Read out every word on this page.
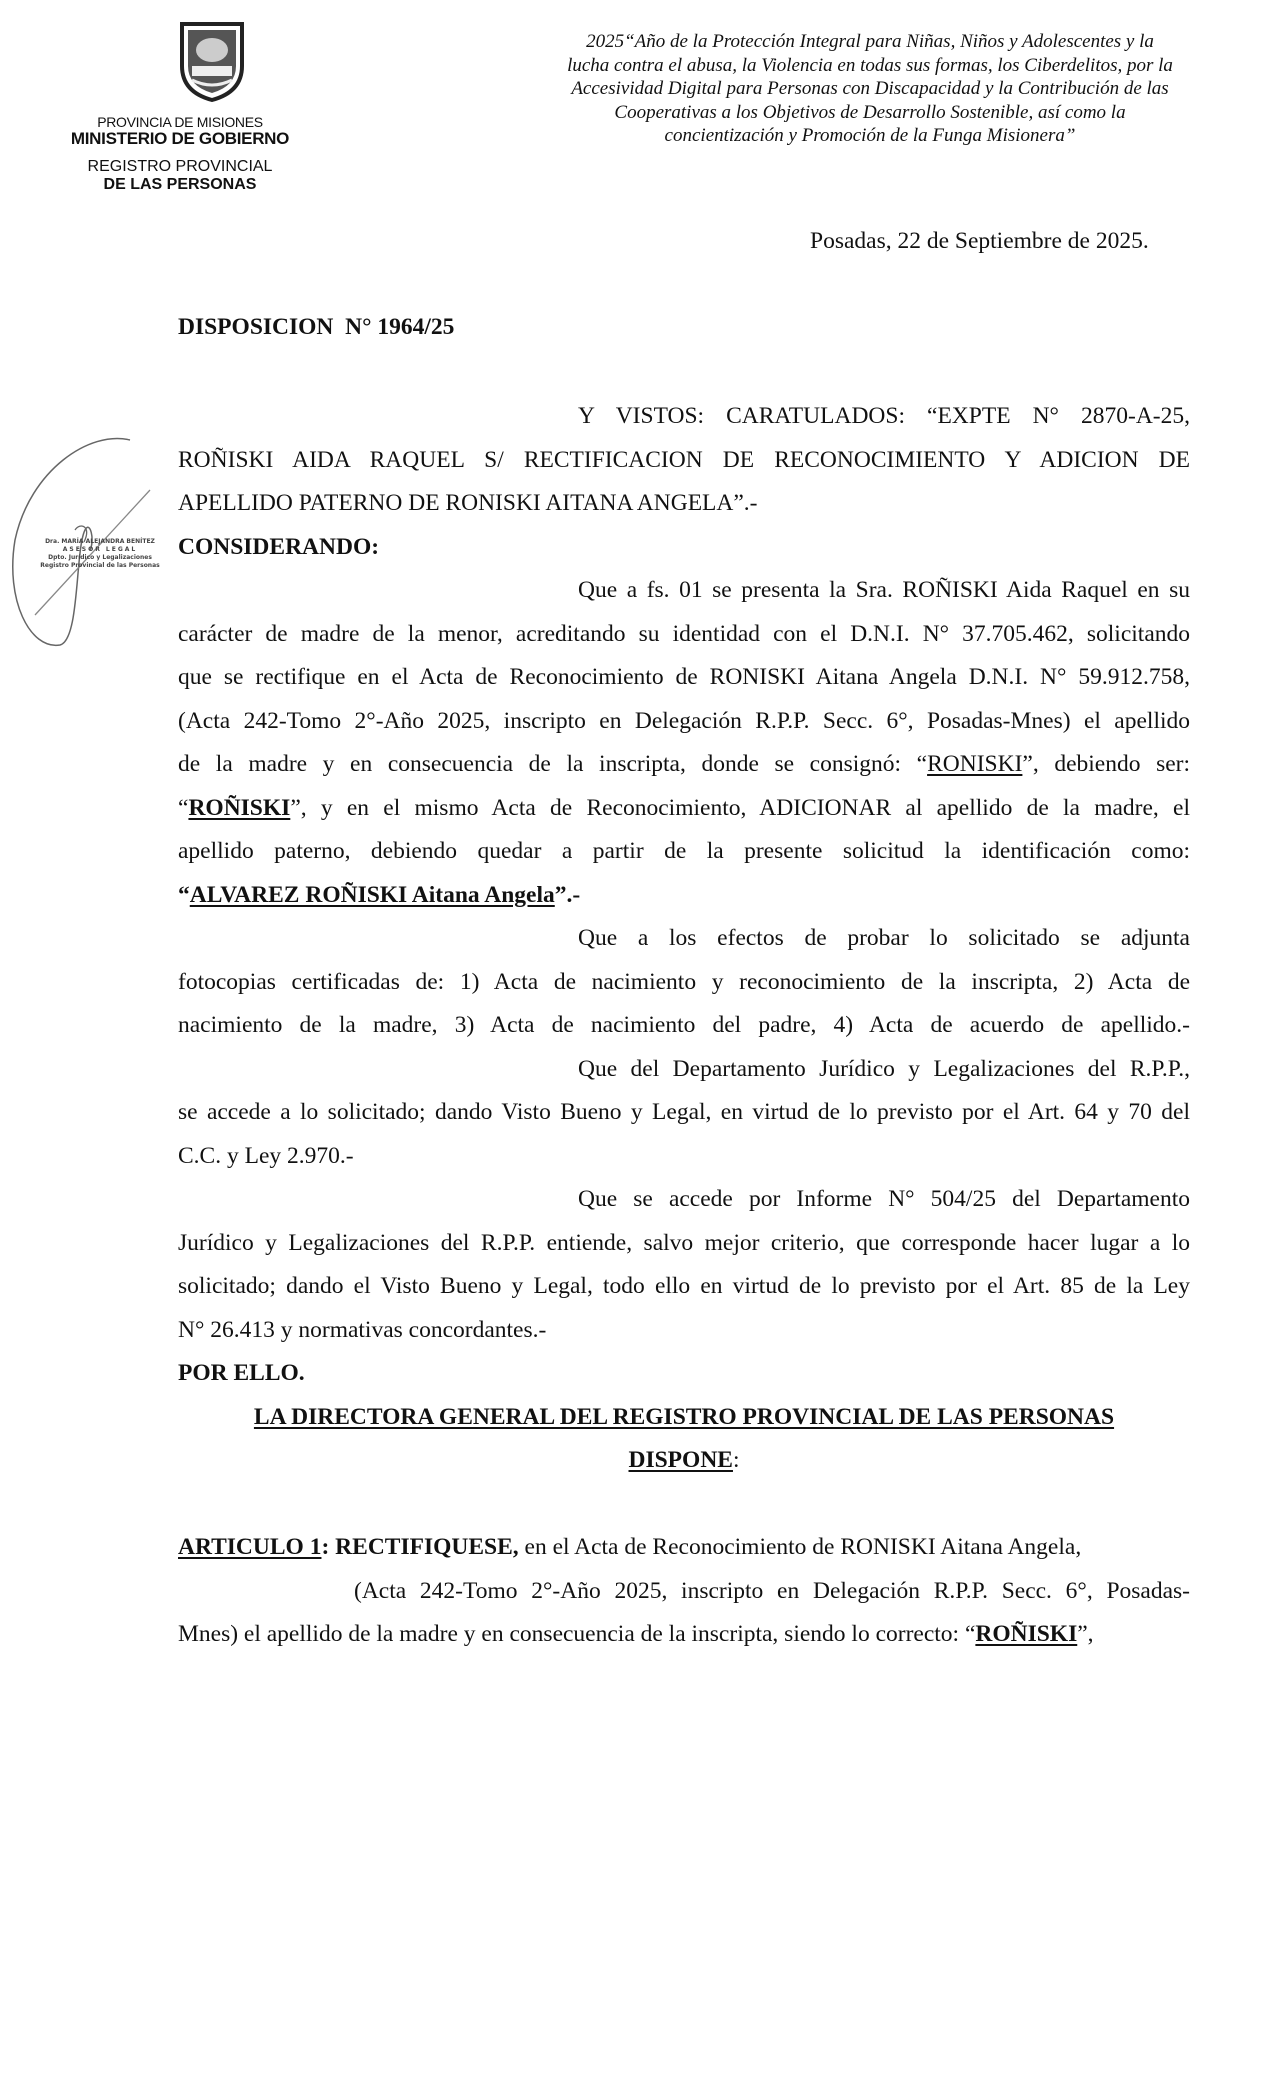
PROVINCIA DE MISIONES
MINISTERIO DE GOBIERNO
REGISTRO PROVINCIAL
DE LAS PERSONAS
2025“Año de la Protección Integral para Niñas, Niños y Adolescentes y la
lucha contra el abusa, la Violencia en todas sus formas, los Ciberdelitos, por la
Accesividad Digital para Personas con Discapacidad y la Contribución de las
Cooperativas a los Objetivos de Desarrollo Sostenible, así como la
concientización y Promoción de la Funga Misionera”
Posadas, 22 de Septiembre de 2025.
DISPOSICION  N° 1964/25
Dra. MARÍA ALEJANDRA BENÍTEZ
ASESOR LEGAL
Dpto. Jurídico y Legalizaciones
Registro Provincial de las Personas
Y VISTOS: CARATULADOS: “EXPTE N° 2870-A-25,
ROÑISKI AIDA RAQUEL S/ RECTIFICACION DE RECONOCIMIENTO Y ADICION DE
APELLIDO PATERNO DE RONISKI AITANA ANGELA”.-
CONSIDERANDO:
Que a fs. 01 se presenta la Sra. ROÑISKI Aida Raquel en su
carácter de madre de la menor, acreditando su identidad con el D.N.I. N° 37.705.462, solicitando
que se rectifique en el Acta de Reconocimiento de RONISKI Aitana Angela D.N.I. N° 59.912.758,
(Acta 242-Tomo 2°-Año 2025, inscripto en Delegación R.P.P. Secc. 6°, Posadas-Mnes) el apellido
de la madre y en consecuencia de la inscripta, donde se consignó: “RONISKI”, debiendo ser:
“ROÑISKI”, y en el mismo Acta de Reconocimiento, ADICIONAR al apellido de la madre, el
apellido paterno, debiendo quedar a partir de la presente solicitud la identificación como:
“ALVAREZ ROÑISKI Aitana Angela”.-
Que a los efectos de probar lo solicitado se adjunta
fotocopias certificadas de: 1) Acta de nacimiento y reconocimiento de la inscripta, 2) Acta de
nacimiento de la madre, 3) Acta de nacimiento del padre, 4) Acta de acuerdo de apellido.-
Que del Departamento Jurídico y Legalizaciones del R.P.P.,
se accede a lo solicitado; dando Visto Bueno y Legal, en virtud de lo previsto por el Art. 64 y 70 del
C.C. y Ley 2.970.-
Que se accede por Informe N° 504/25 del Departamento
Jurídico y Legalizaciones del R.P.P. entiende, salvo mejor criterio, que corresponde hacer lugar a lo
solicitado; dando el Visto Bueno y Legal, todo ello en virtud de lo previsto por el Art. 85 de la Ley
N° 26.413 y normativas concordantes.-
POR ELLO.
LA DIRECTORA GENERAL DEL REGISTRO PROVINCIAL DE LAS PERSONAS
DISPONE:
ARTICULO 1: RECTIFIQUESE, en el Acta de Reconocimiento de RONISKI Aitana Angela,
(Acta 242-Tomo 2°-Año 2025, inscripto en Delegación R.P.P. Secc. 6°, Posadas-
Mnes) el apellido de la madre y en consecuencia de la inscripta, siendo lo correcto: “ROÑISKI”,
